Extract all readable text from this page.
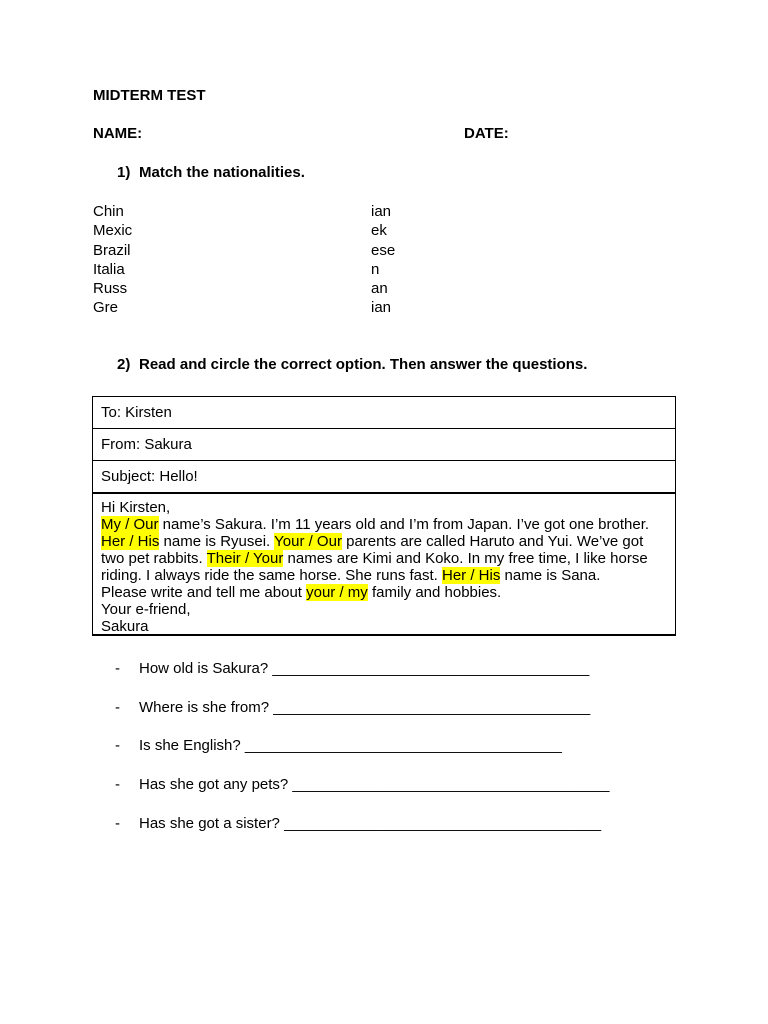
MIDTERM TEST
NAME:	DATE:
1) Match the nationalities.
Chin
Mexic
Brazil
Italia
Russ
Gre
ian
ek
ese
n
an
ian
2) Read and circle the correct option. Then answer the questions.
To: Kirsten
From: Sakura
Subject: Hello!
Hi Kirsten,
My / Our name’s Sakura. I’m 11 years old and I’m from Japan. I’ve got one brother.
Her / His name is Ryusei. Your / Our parents are called Haruto and Yui. We’ve got
two pet rabbits. Their / Your names are Kimi and Koko. In my free time, I like horse
riding. I always ride the same horse. She runs fast. Her / His name is Sana.
Please write and tell me about your / my family and hobbies.
Your e-friend,
Sakura
- How old is Sakura? ______________________________________
- Where is she from? ______________________________________
- Is she English? ______________________________________
- Has she got any pets? ______________________________________
- Has she got a sister? ______________________________________
